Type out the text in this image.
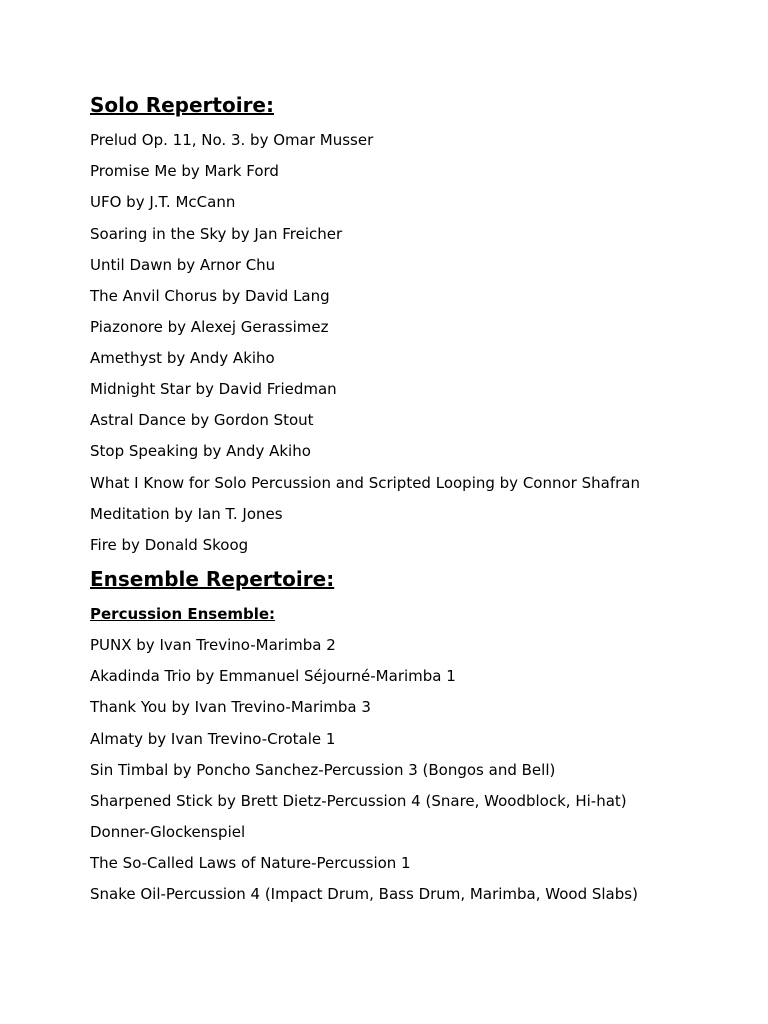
Solo Repertoire:
Prelud Op. 11, No. 3. by Omar Musser
Promise Me by Mark Ford
UFO by J.T. McCann
Soaring in the Sky by Jan Freicher
Until Dawn by Arnor Chu
The Anvil Chorus by David Lang
Piazonore by Alexej Gerassimez
Amethyst by Andy Akiho
Midnight Star by David Friedman
Astral Dance by Gordon Stout
Stop Speaking by Andy Akiho
What I Know for Solo Percussion and Scripted Looping by Connor Shafran
Meditation by Ian T. Jones
Fire by Donald Skoog
Ensemble Repertoire:
Percussion Ensemble:
PUNX by Ivan Trevino-Marimba 2
Akadinda Trio by Emmanuel Séjourné-Marimba 1
Thank You by Ivan Trevino-Marimba 3
Almaty by Ivan Trevino-Crotale 1
Sin Timbal by Poncho Sanchez-Percussion 3 (Bongos and Bell)
Sharpened Stick by Brett Dietz-Percussion 4 (Snare, Woodblock, Hi-hat)
Donner-Glockenspiel
The So-Called Laws of Nature-Percussion 1
Snake Oil-Percussion 4 (Impact Drum, Bass Drum, Marimba, Wood Slabs)
